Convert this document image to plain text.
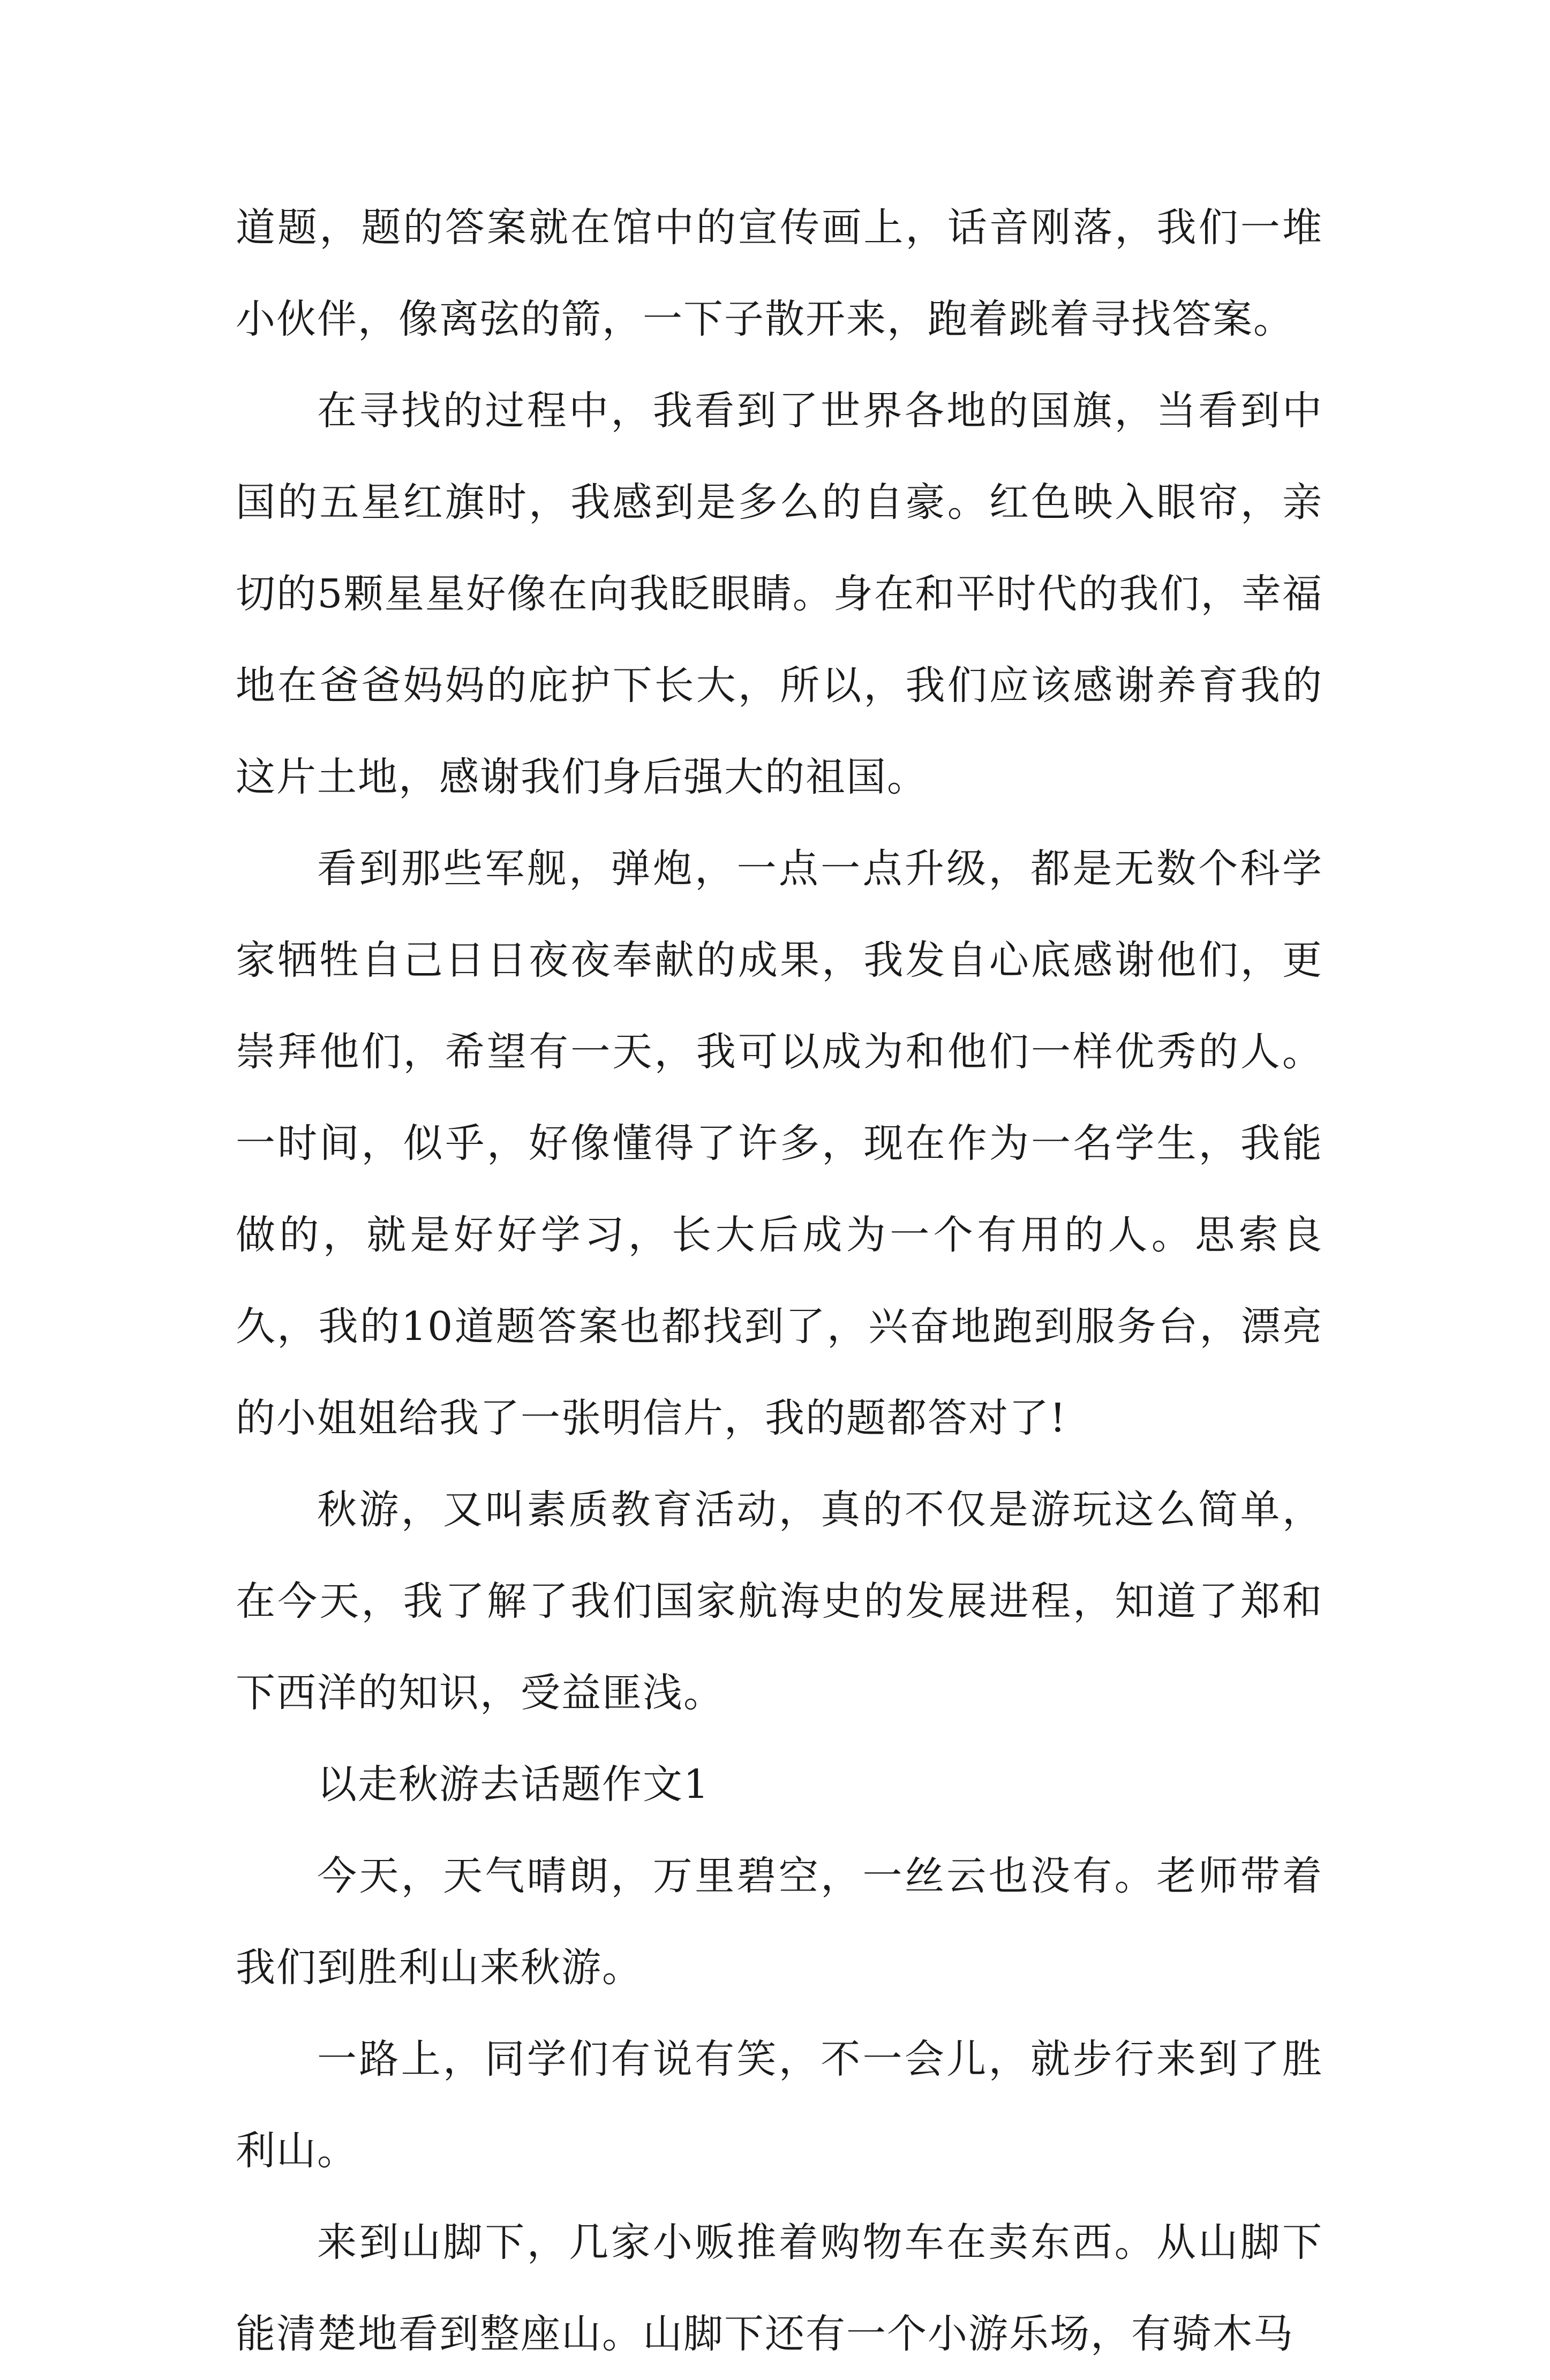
道题，题的答案就在馆中的宣传画上，话音刚落，我们一堆小伙伴，像离弦的箭，一下子散开来，跑着跳着寻找答案。

在寻找的过程中，我看到了世界各地的国旗，当看到中国的五星红旗时，我感到是多么的自豪。红色映入眼帘，亲切的5颗星星好像在向我眨眼睛。身在和平时代的我们，幸福地在爸爸妈妈的庇护下长大，所以，我们应该感谢养育我的这片土地，感谢我们身后强大的祖国。

看到那些军舰，弹炮，一点一点升级，都是无数个科学家牺牲自己日日夜夜奉献的成果，我发自心底感谢他们，更崇拜他们，希望有一天，我可以成为和他们一样优秀的人。一时间，似乎，好像懂得了许多，现在作为一名学生，我能做的，就是好好学习，长大后成为一个有用的人。思索良久，我的10道题答案也都找到了，兴奋地跑到服务台，漂亮的小姐姐给我了一张明信片，我的题都答对了!

秋游，又叫素质教育活动，真的不仅是游玩这么简单，在今天，我了解了我们国家航海史的发展进程，知道了郑和下西洋的知识，受益匪浅。

以走秋游去话题作文1

今天，天气晴朗，万里碧空，一丝云也没有。老师带着我们到胜利山来秋游。

一路上，同学们有说有笑，不一会儿，就步行来到了胜利山。

来到山脚下，几家小贩推着购物车在卖东西。从山脚下能清楚地看到整座山。山脚下还有一个小游乐场，有骑木马
